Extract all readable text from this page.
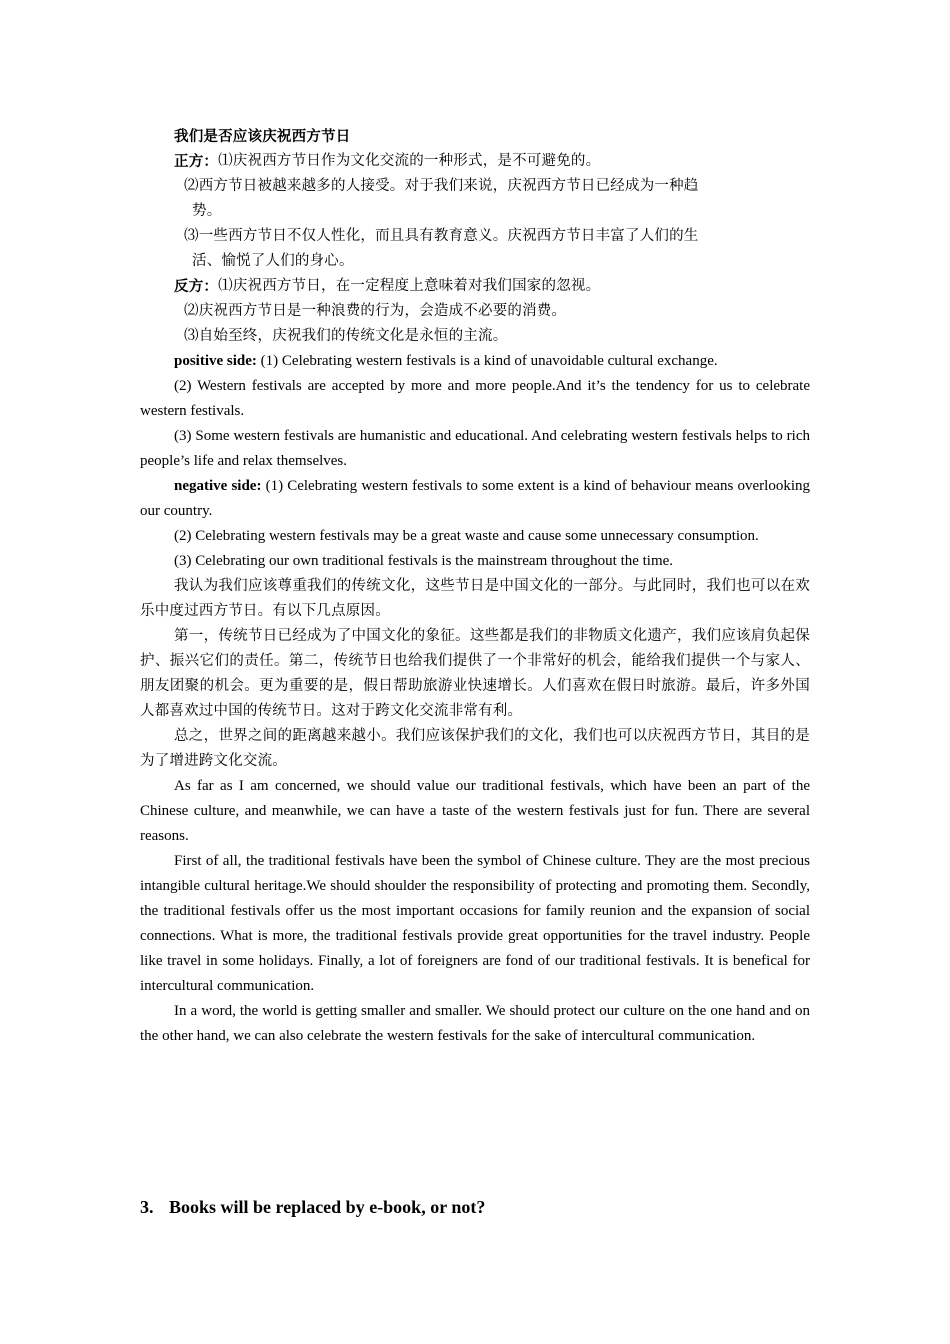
我们是否应该庆祝西方节日
正方： ⑴庆祝西方节日作为文化交流的一种形式，是不可避免的。
⑵西方节日被越来越多的人接受。对于我们来说，庆祝西方节日已经成为一种趋
势。
⑶一些西方节日不仅人性化，而且具有教育意义。庆祝西方节日丰富了人们的生
活、愉悦了人们的身心。
反方： ⑴庆祝西方节日，在一定程度上意味着对我们国家的忽视。
⑵庆祝西方节日是一种浪费的行为，会造成不必要的消费。
⑶自始至终，庆祝我们的传统文化是永恒的主流。

positive side: (1) Celebrating western festivals is a kind of unavoidable cultural exchange.

(2) Western festivals are accepted by more and more people.And it’s the tendency for us to celebrate western festivals.

(3) Some western festivals are humanistic and educational. And celebrating western festivals helps to rich people’s life and relax themselves.

negative side: (1) Celebrating western festivals to some extent is a kind of behaviour means overlooking our country.

(2) Celebrating western festivals may be a great waste and cause some unnecessary consumption.

(3) Celebrating our own traditional festivals is the mainstream throughout the time.

我认为我们应该尊重我们的传统文化，这些节日是中国文化的一部分。与此同时，我们也可以在欢乐中度过西方节日。有以下几点原因。

第一，传统节日已经成为了中国文化的象征。这些都是我们的非物质文化遗产，我们应该肩负起保护、振兴它们的责任。第二，传统节日也给我们提供了一个非常好的机会，能给我们提供一个与家人、朋友团聚的机会。更为重要的是，假日帮助旅游业快速增长。人们喜欢在假日时旅游。最后，许多外国人都喜欢过中国的传统节日。这对于跨文化交流非常有利。

总之，世界之间的距离越来越小。我们应该保护我们的文化，我们也可以庆祝西方节日，其目的是为了增进跨文化交流。

As far as I am concerned, we should value our traditional festivals, which have been an part of the Chinese culture, and meanwhile, we can have a taste of the western festivals just for fun. There are several reasons.

First of all, the traditional festivals have been the symbol of Chinese culture. They are the most precious intangible cultural heritage.We should shoulder the responsibility of protecting and promoting them. Secondly, the traditional festivals offer us the most important occasions for family reunion and the expansion of social connections. What is more, the traditional festivals provide great opportunities for the travel industry. People like travel in some holidays. Finally, a lot of foreigners are fond of our traditional festivals. It is benefical for intercultural communication.

In a word, the world is getting smaller and smaller. We should protect our culture on the one hand and on the other hand, we can also celebrate the western festivals for the sake of intercultural communication.

3. Books will be replaced by e-book, or not?
